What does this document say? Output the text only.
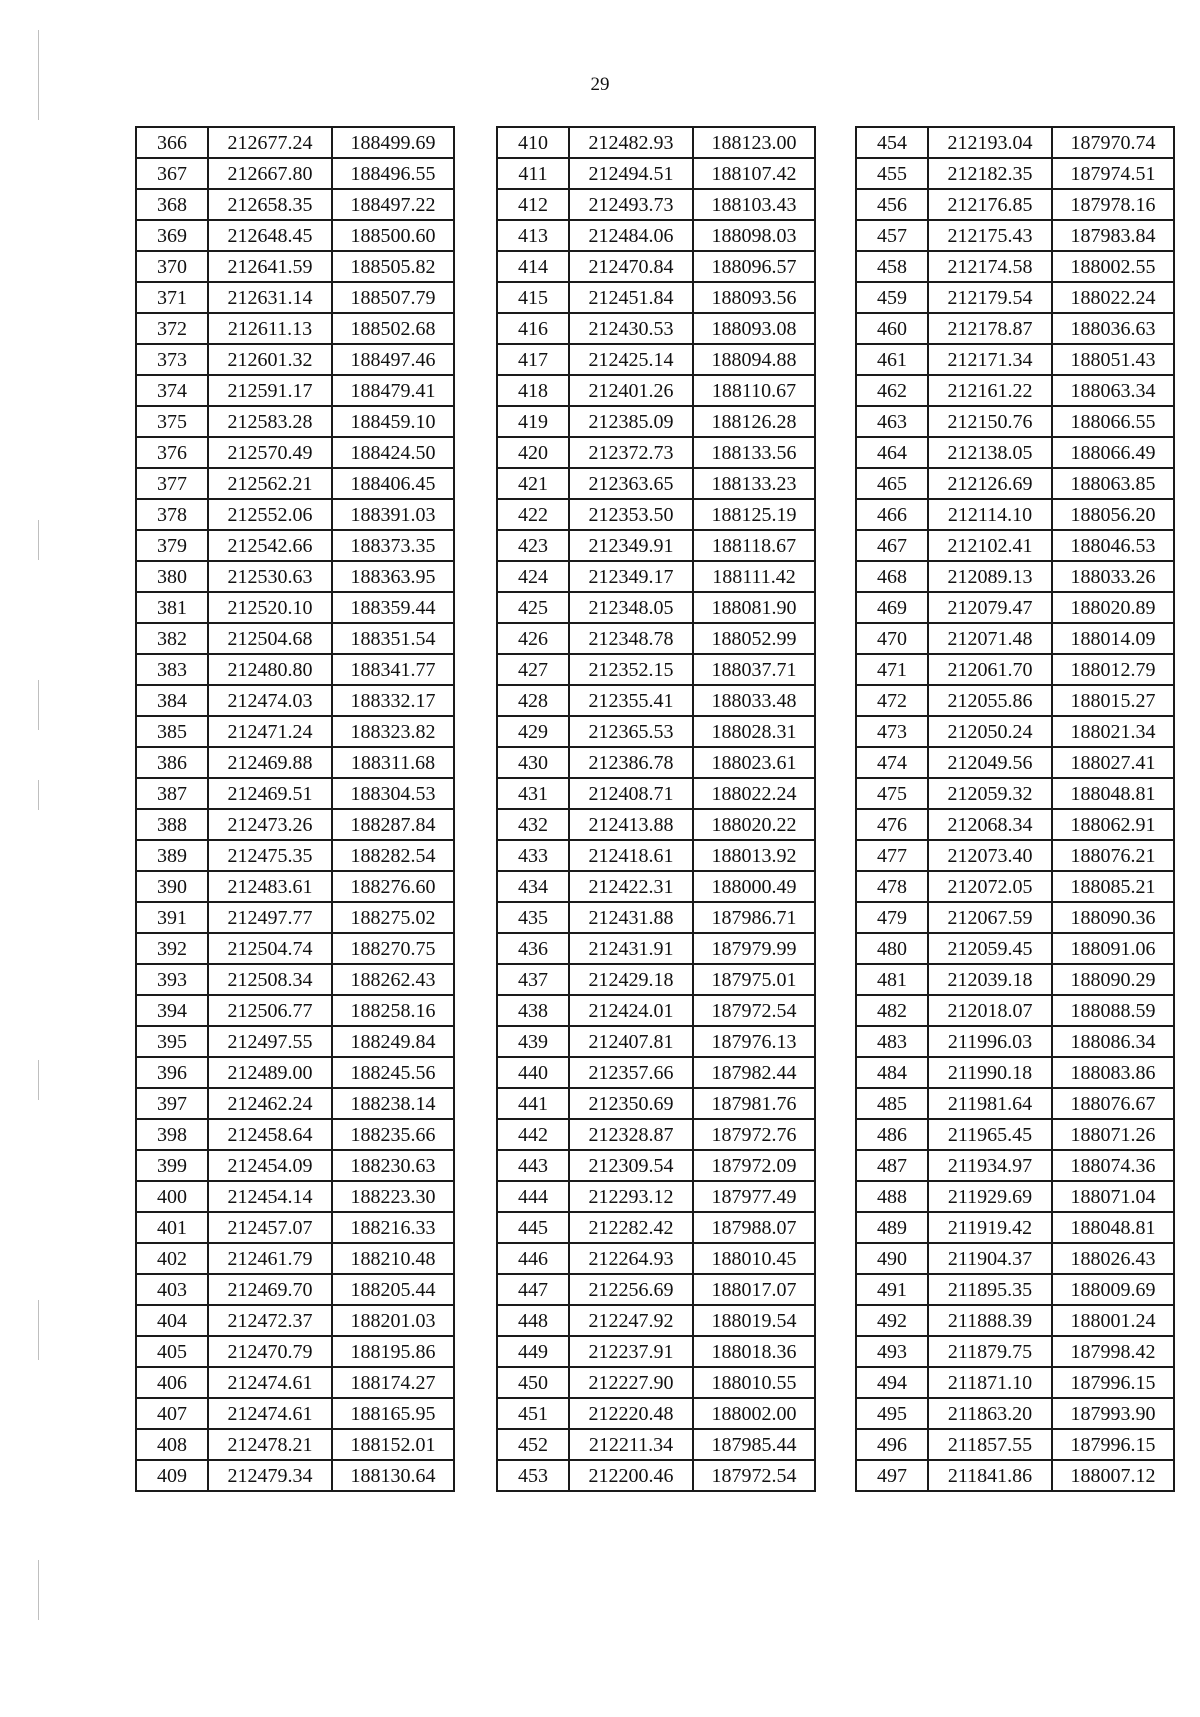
29
366	212677.24	188499.69
367	212667.80	188496.55
368	212658.35	188497.22
369	212648.45	188500.60
370	212641.59	188505.82
371	212631.14	188507.79
372	212611.13	188502.68
373	212601.32	188497.46
374	212591.17	188479.41
375	212583.28	188459.10
376	212570.49	188424.50
377	212562.21	188406.45
378	212552.06	188391.03
379	212542.66	188373.35
380	212530.63	188363.95
381	212520.10	188359.44
382	212504.68	188351.54
383	212480.80	188341.77
384	212474.03	188332.17
385	212471.24	188323.82
386	212469.88	188311.68
387	212469.51	188304.53
388	212473.26	188287.84
389	212475.35	188282.54
390	212483.61	188276.60
391	212497.77	188275.02
392	212504.74	188270.75
393	212508.34	188262.43
394	212506.77	188258.16
395	212497.55	188249.84
396	212489.00	188245.56
397	212462.24	188238.14
398	212458.64	188235.66
399	212454.09	188230.63
400	212454.14	188223.30
401	212457.07	188216.33
402	212461.79	188210.48
403	212469.70	188205.44
404	212472.37	188201.03
405	212470.79	188195.86
406	212474.61	188174.27
407	212474.61	188165.95
408	212478.21	188152.01
409	212479.34	188130.64
410	212482.93	188123.00
411	212494.51	188107.42
412	212493.73	188103.43
413	212484.06	188098.03
414	212470.84	188096.57
415	212451.84	188093.56
416	212430.53	188093.08
417	212425.14	188094.88
418	212401.26	188110.67
419	212385.09	188126.28
420	212372.73	188133.56
421	212363.65	188133.23
422	212353.50	188125.19
423	212349.91	188118.67
424	212349.17	188111.42
425	212348.05	188081.90
426	212348.78	188052.99
427	212352.15	188037.71
428	212355.41	188033.48
429	212365.53	188028.31
430	212386.78	188023.61
431	212408.71	188022.24
432	212413.88	188020.22
433	212418.61	188013.92
434	212422.31	188000.49
435	212431.88	187986.71
436	212431.91	187979.99
437	212429.18	187975.01
438	212424.01	187972.54
439	212407.81	187976.13
440	212357.66	187982.44
441	212350.69	187981.76
442	212328.87	187972.76
443	212309.54	187972.09
444	212293.12	187977.49
445	212282.42	187988.07
446	212264.93	188010.45
447	212256.69	188017.07
448	212247.92	188019.54
449	212237.91	188018.36
450	212227.90	188010.55
451	212220.48	188002.00
452	212211.34	187985.44
453	212200.46	187972.54
454	212193.04	187970.74
455	212182.35	187974.51
456	212176.85	187978.16
457	212175.43	187983.84
458	212174.58	188002.55
459	212179.54	188022.24
460	212178.87	188036.63
461	212171.34	188051.43
462	212161.22	188063.34
463	212150.76	188066.55
464	212138.05	188066.49
465	212126.69	188063.85
466	212114.10	188056.20
467	212102.41	188046.53
468	212089.13	188033.26
469	212079.47	188020.89
470	212071.48	188014.09
471	212061.70	188012.79
472	212055.86	188015.27
473	212050.24	188021.34
474	212049.56	188027.41
475	212059.32	188048.81
476	212068.34	188062.91
477	212073.40	188076.21
478	212072.05	188085.21
479	212067.59	188090.36
480	212059.45	188091.06
481	212039.18	188090.29
482	212018.07	188088.59
483	211996.03	188086.34
484	211990.18	188083.86
485	211981.64	188076.67
486	211965.45	188071.26
487	211934.97	188074.36
488	211929.69	188071.04
489	211919.42	188048.81
490	211904.37	188026.43
491	211895.35	188009.69
492	211888.39	188001.24
493	211879.75	187998.42
494	211871.10	187996.15
495	211863.20	187993.90
496	211857.55	187996.15
497	211841.86	188007.12
